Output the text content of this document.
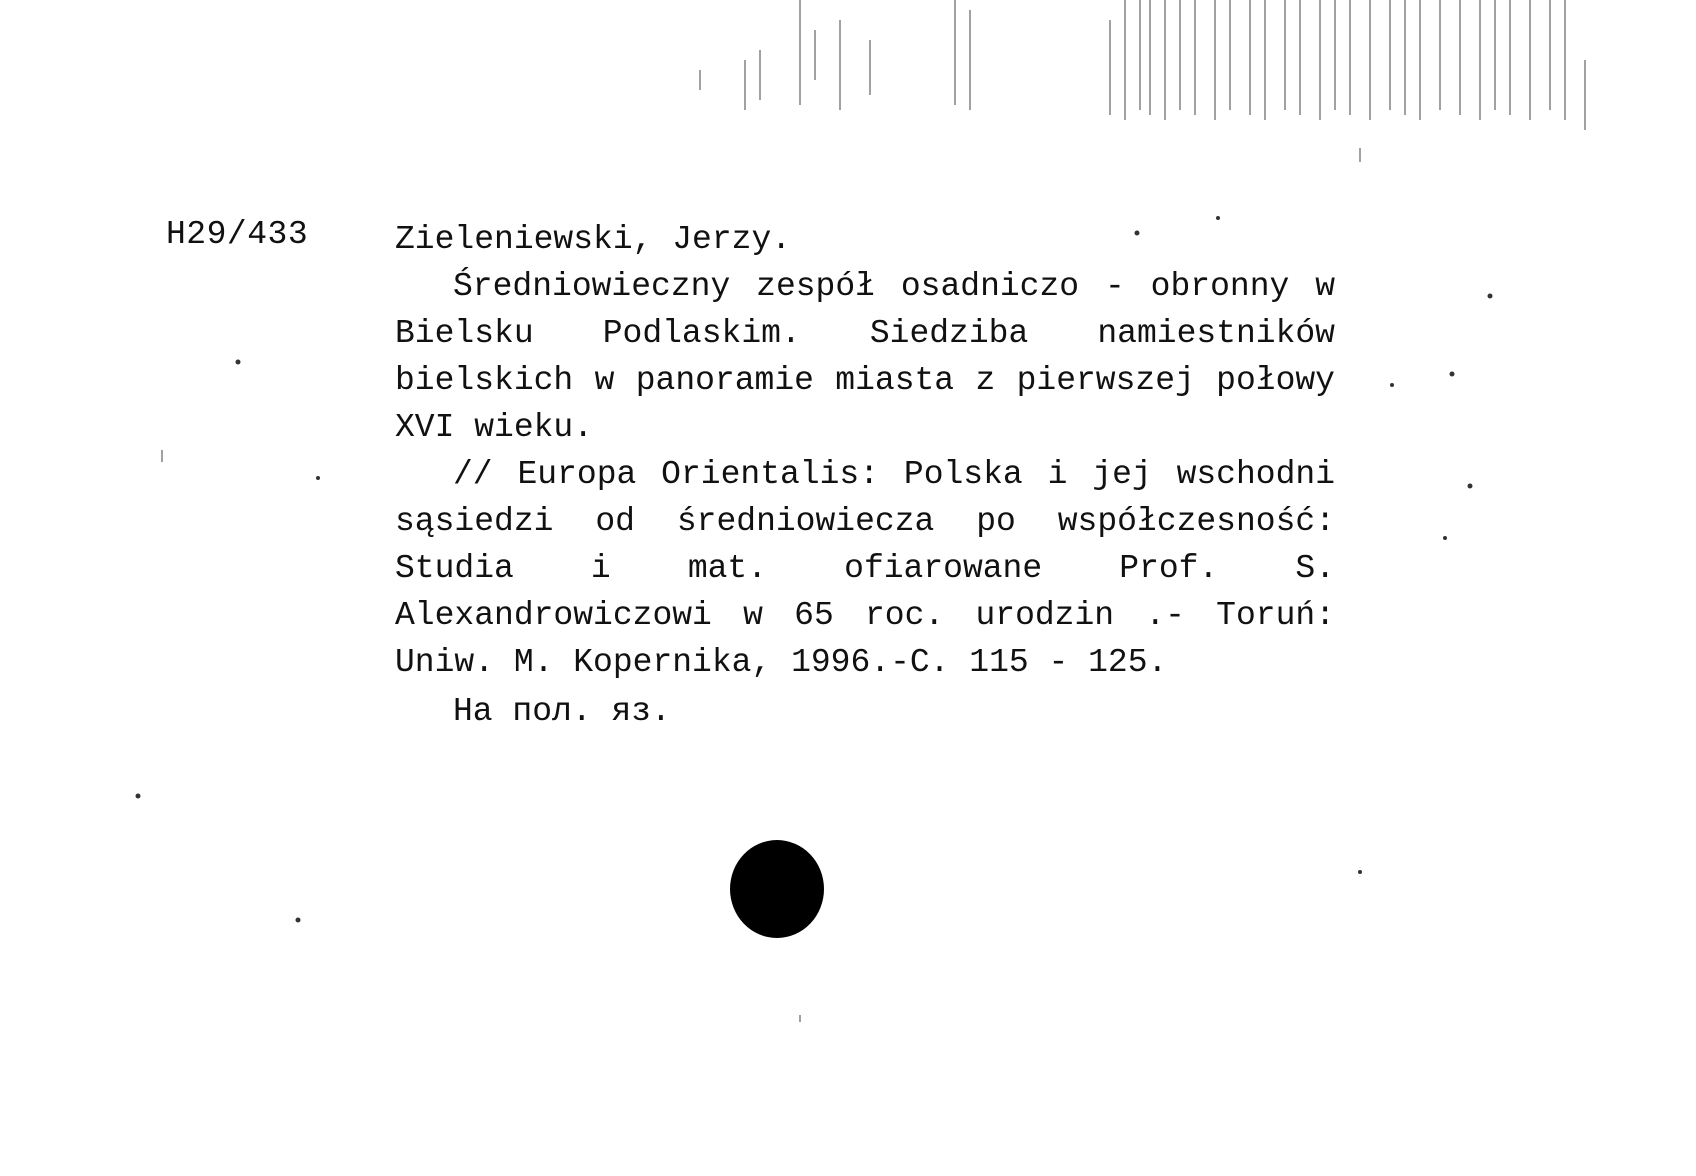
H29/433	Zieleniewski, Jerzy.

Średniowieczny zespół osadniczo - obronny w Bielsku Podlaskim. Siedziba namiestników bielskich w panoramie miasta z pierwszej połowy XVI wieku.

// Europa Orientalis: Polska i jej wschodni sąsiedzi od średniowiecza po współczesność: Studia i mat. ofiarowane Prof. S. Alexandrowiczowi w 65 roc. urodzin .- Toruń: Uniw. M. Kopernika, 1996.-C. 115 - 125.

На пол. яз.
